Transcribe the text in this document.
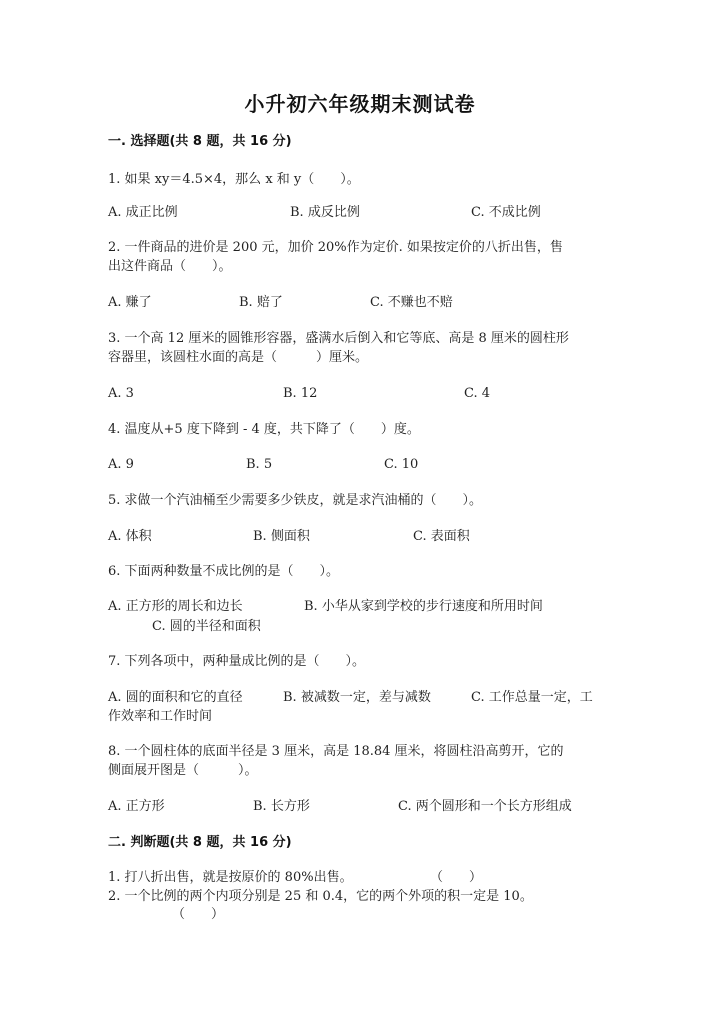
小升初六年级期末测试卷
一. 选择题(共 8 题，共 16 分)
1. 如果 xy＝4.5×4，那么 x 和 y（　　）。
A. 成正比例	B. 成反比例	C. 不成比例
2. 一件商品的进价是 200 元，加价 20%作为定价. 如果按定价的八折出售，售
出这件商品（　　）。
A. 赚了	B. 赔了	C. 不赚也不赔
3. 一个高 12 厘米的圆锥形容器，盛满水后倒入和它等底、高是 8 厘米的圆柱形
容器里，该圆柱水面的高是（　　　）厘米。
A. 3	B. 12	C. 4
4. 温度从+5 度下降到 - 4 度，共下降了（　　）度。
A. 9	B. 5	C. 10
5. 求做一个汽油桶至少需要多少铁皮，就是求汽油桶的（　　）。
A. 体积	B. 侧面积	C. 表面积
6. 下面两种数量不成比例的是（　　）。
A. 正方形的周长和边长	B. 小华从家到学校的步行速度和所用时间
C. 圆的半径和面积
7. 下列各项中，两种量成比例的是（　　）。
A. 圆的面积和它的直径	B. 被减数一定，差与减数	C. 工作总量一定，工
作效率和工作时间
8. 一个圆柱体的底面半径是 3 厘米，高是 18.84 厘米，将圆柱沿高剪开，它的
侧面展开图是（　　　）。
A. 正方形	B. 长方形	C. 两个圆形和一个长方形组成
二. 判断题(共 8 题，共 16 分)
1. 打八折出售，就是按原价的 80%出售。	（　　）
2. 一个比例的两个内项分别是 25 和 0.4，它的两个外项的积一定是 10。
（　　）
